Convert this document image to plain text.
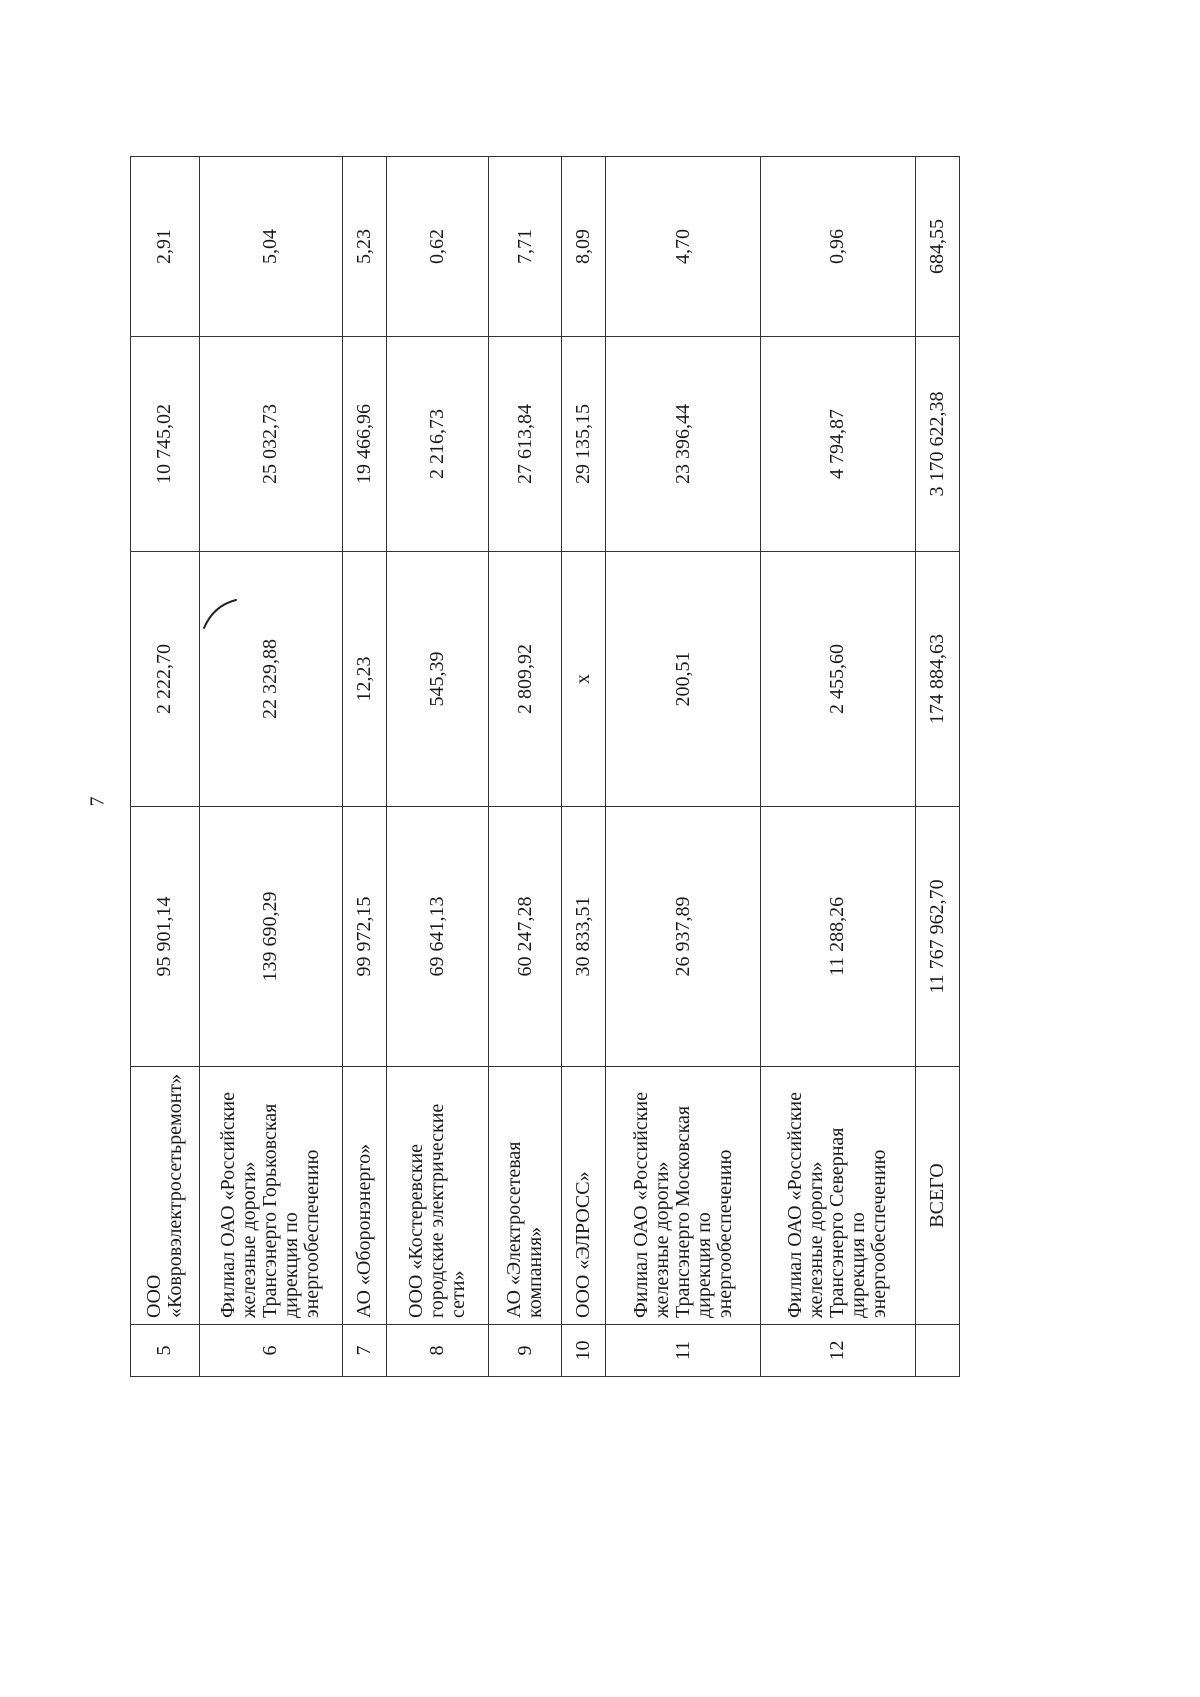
7
5	ООО «Ковровэлектросетьремонт»	95 901,14	2 222,70	10 745,02	2,91
6	Филиал ОАО «Российские железные дороги» Трансэнерго Горьковская дирекция по энергообеспечению	139 690,29	22 329,88	25 032,73	5,04
7	АО «Оборонэнерго»	99 972,15	12,23	19 466,96	5,23
8	ООО «Костеревские городские электрические сети»	69 641,13	545,39	2 216,73	0,62
9	АО «Электросетевая компания»	60 247,28	2 809,92	27 613,84	7,71
10	ООО «ЭЛРОСС»	30 833,51	x	29 135,15	8,09
11	Филиал ОАО «Российские железные дороги» Трансэнерго Московская дирекция по энергообеспечению	26 937,89	200,51	23 396,44	4,70
12	Филиал ОАО «Российские железные дороги» Трансэнерго Северная дирекция по энергообеспечению	11 288,26	2 455,60	4 794,87	0,96
	ВСЕГО	11 767 962,70	174 884,63	3 170 622,38	684,55
